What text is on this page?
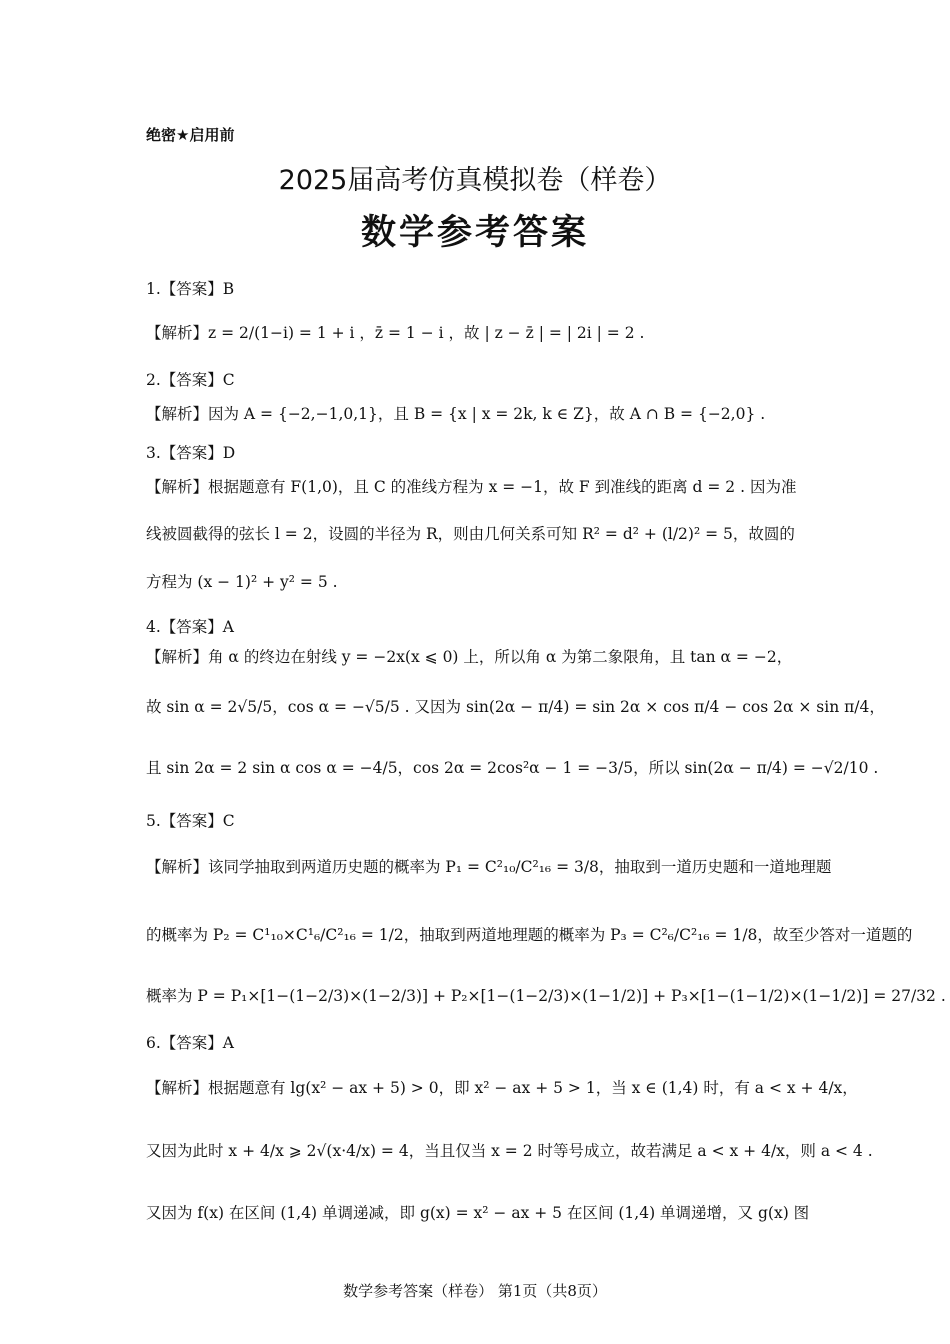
绝密★启用前
2025届高考仿真模拟卷（样卷）
数学参考答案
1.【答案】B
【解析】z = 2/(1−i) = 1 + i ，z̄ = 1 − i ，故 | z − z̄ | = | 2i | = 2 .
2.【答案】C
【解析】因为 A = {−2,−1,0,1}，且 B = {x | x = 2k, k ∈ Z}，故 A ∩ B = {−2,0} .
3.【答案】D
【解析】根据题意有 F(1,0)，且 C 的准线方程为 x = −1，故 F 到准线的距离 d = 2 . 因为准
线被圆截得的弦长 l = 2，设圆的半径为 R，则由几何关系可知 R² = d² + (l/2)² = 5，故圆的
方程为 (x − 1)² + y² = 5 .
4.【答案】A
【解析】角 α 的终边在射线 y = −2x(x ⩽ 0) 上，所以角 α 为第二象限角，且 tan α = −2，
故 sin α = 2√5/5，cos α = −√5/5 . 又因为 sin(2α − π/4) = sin 2α × cos π/4 − cos 2α × sin π/4，
且 sin 2α = 2 sin α cos α = −4/5，cos 2α = 2cos²α − 1 = −3/5，所以 sin(2α − π/4) = −√2/10 .
5.【答案】C
【解析】该同学抽取到两道历史题的概率为 P₁ = C²₁₀/C²₁₆ = 3/8，抽取到一道历史题和一道地理题
的概率为 P₂ = C¹₁₀×C¹₆/C²₁₆ = 1/2，抽取到两道地理题的概率为 P₃ = C²₆/C²₁₆ = 1/8，故至少答对一道题的
概率为 P = P₁×[1−(1−2/3)×(1−2/3)] + P₂×[1−(1−2/3)×(1−1/2)] + P₃×[1−(1−1/2)×(1−1/2)] = 27/32 .
6.【答案】A
【解析】根据题意有 lg(x² − ax + 5) > 0，即 x² − ax + 5 > 1，当 x ∈ (1,4) 时，有 a < x + 4/x，
又因为此时 x + 4/x ⩾ 2√(x·4/x) = 4，当且仅当 x = 2 时等号成立，故若满足 a < x + 4/x，则 a < 4 .
又因为 f(x) 在区间 (1,4) 单调递减，即 g(x) = x² − ax + 5 在区间 (1,4) 单调递增，又 g(x) 图
数学参考答案（样卷） 第1页（共8页）
